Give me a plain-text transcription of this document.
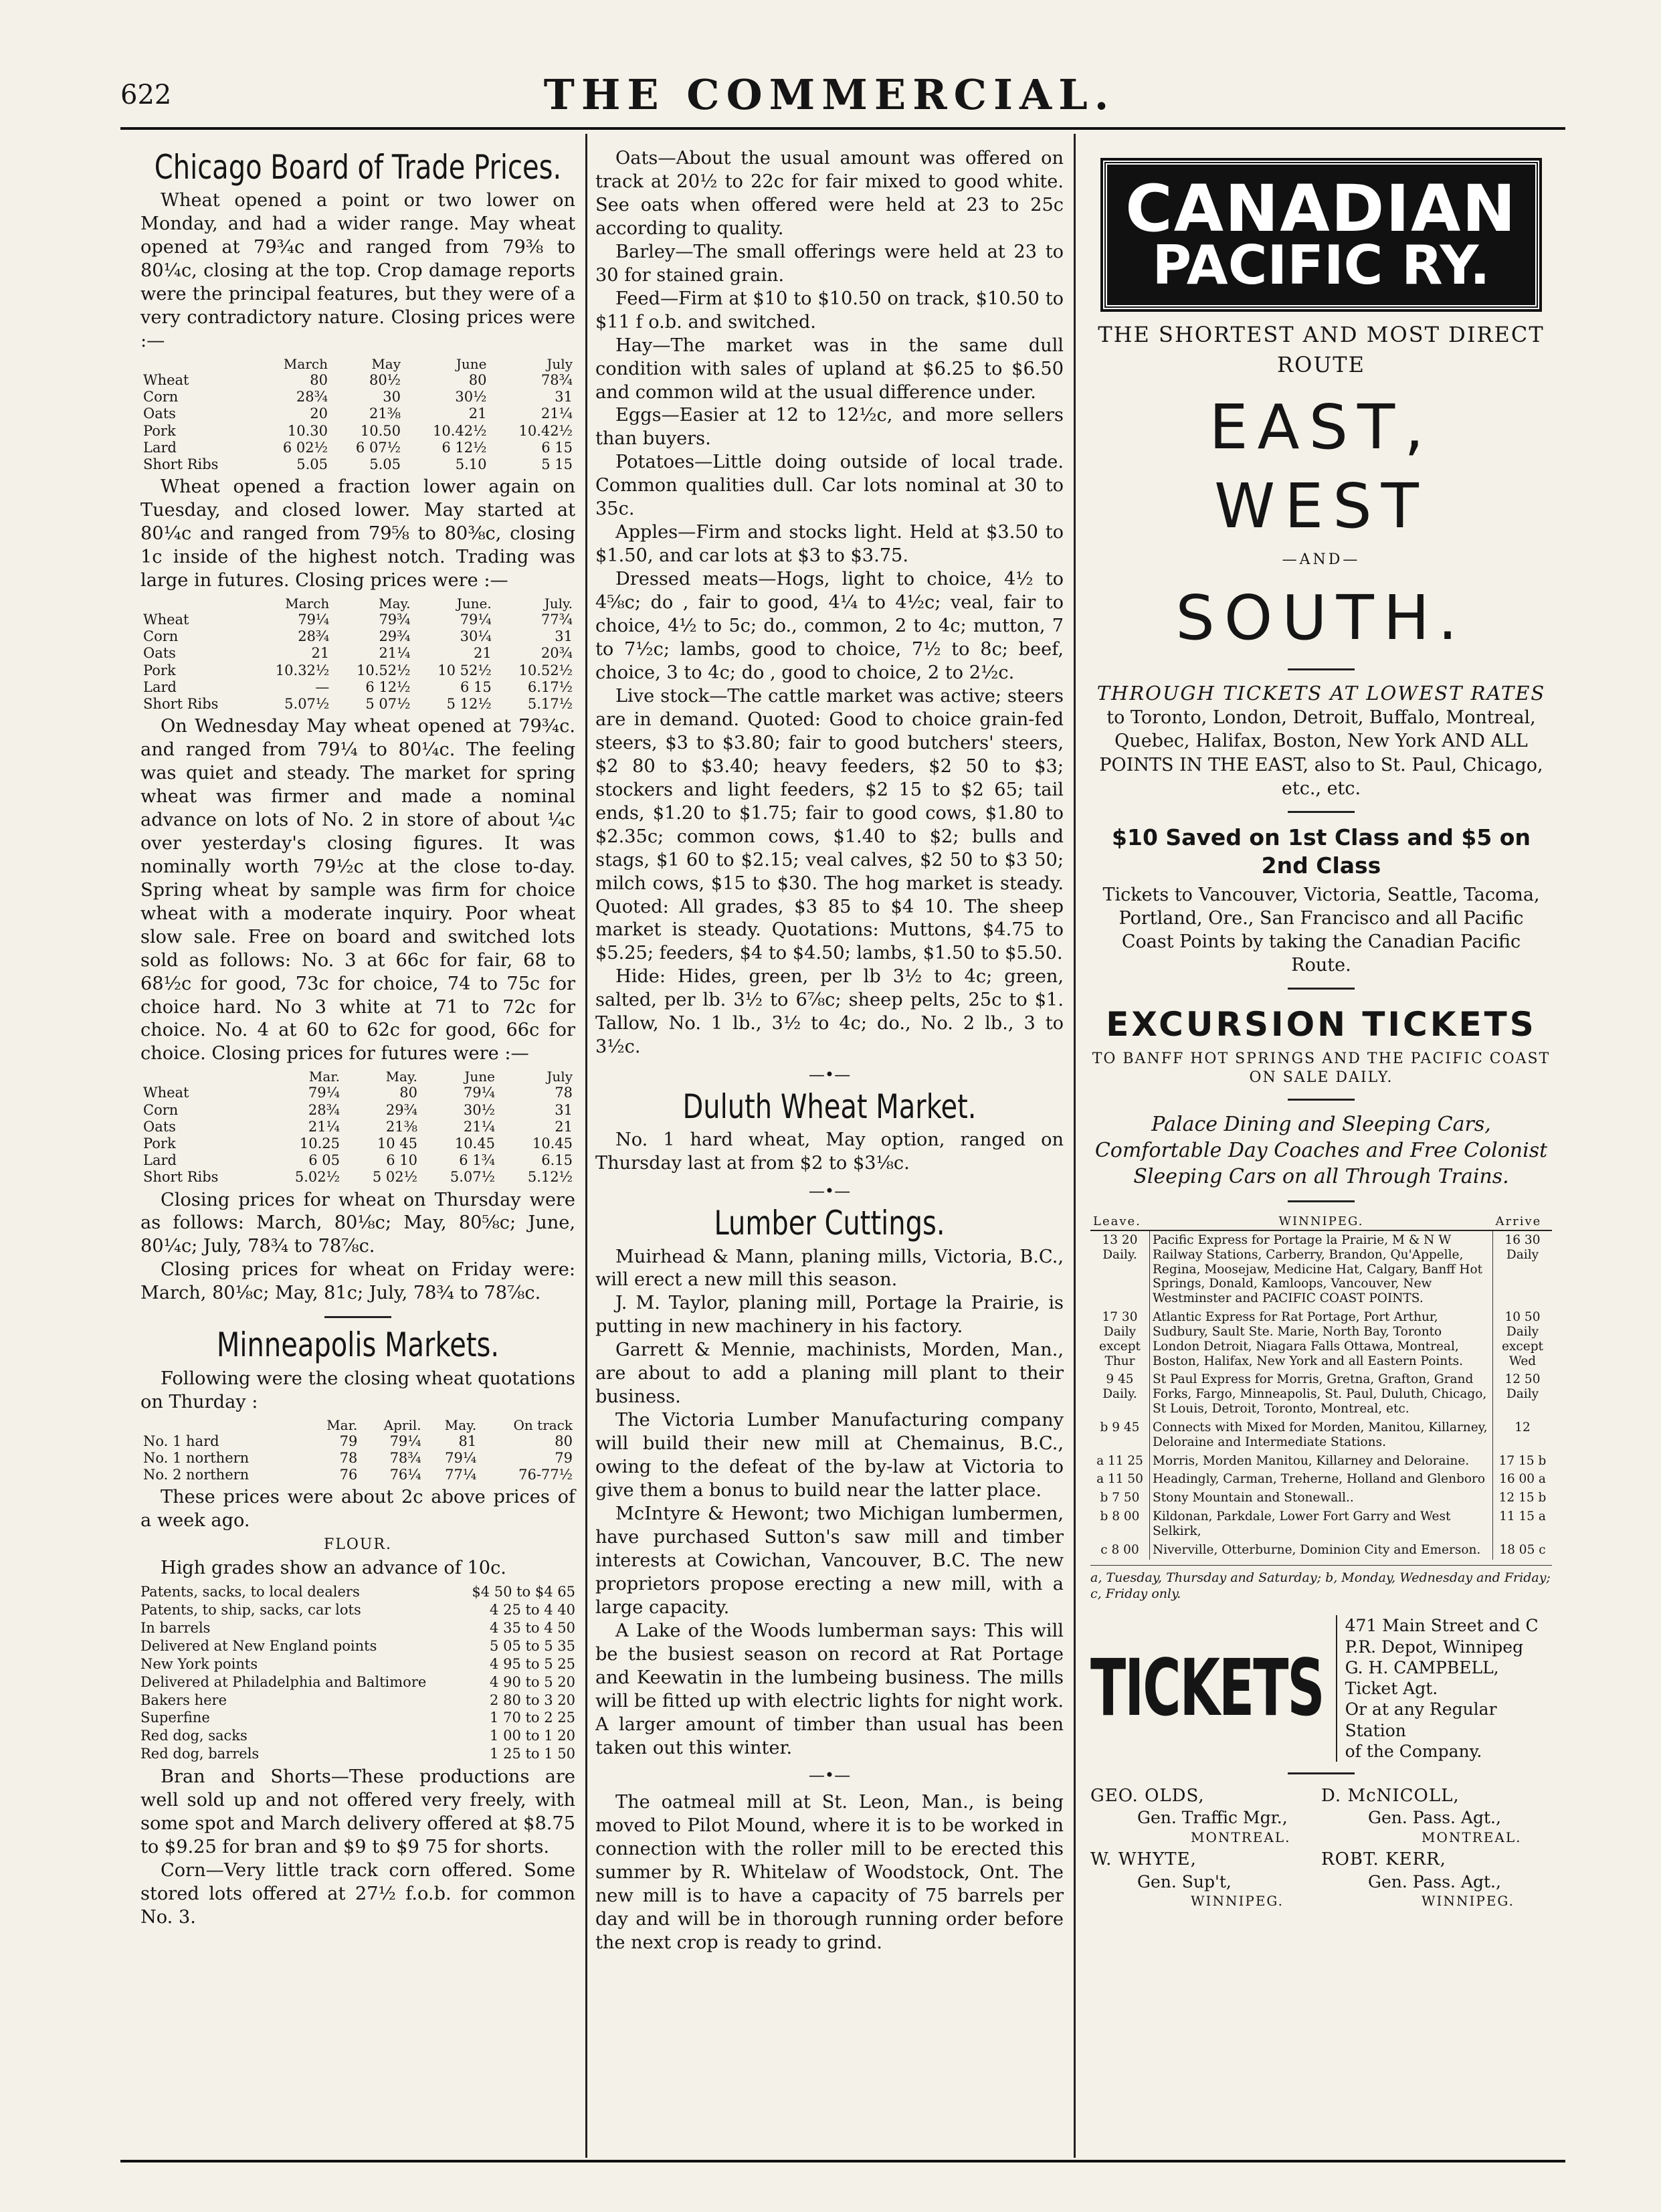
622	THE COMMERCIAL.
Chicago Board of Trade Prices.

Wheat opened a point or two lower on Monday, and had a wider range. May wheat opened at 79¾c and ranged from 79⅜ to 80¼c, closing at the top. Crop damage reports were the principal features, but they were of a very contradictory nature. Closing prices were :—

	March	May	June	July
Wheat	80	80½	80	78¾
Corn	28¾	30	30½	31
Oats	20	21⅜	21	21¼
Pork	10.30	10.50	10.42½	10.42½
Lard	6 02½	6 07½	6 12½	6 15
Short Ribs	5.05	5.05	5.10	5 15

Wheat opened a fraction lower again on Tuesday, and closed lower. May started at 80¼c and ranged from 79⅝ to 80⅜c, closing 1c inside of the highest notch. Trading was large in futures. Closing prices were :—

	March	May.	June.	July.
Wheat	79¼	79¾	79¼	77¾
Corn	28¾	29¾	30¼	31
Oats	21	21¼	21	20¾
Pork	10.32½	10.52½	10 52½	10.52½
Lard	—	6 12½	6 15	6.17½
Short Ribs	5.07½	5 07½	5 12½	5.17½

On Wednesday May wheat opened at 79¾c. and ranged from 79¼ to 80¼c. The feeling was quiet and steady. The market for spring wheat was firmer and made a nominal advance on lots of No. 2 in store of about ¼c over yesterday's closing figures. It was nominally worth 79½c at the close to-day. Spring wheat by sample was firm for choice wheat with a moderate inquiry. Poor wheat slow sale. Free on board and switched lots sold as follows: No. 3 at 66c for fair, 68 to 68½c for good, 73c for choice, 74 to 75c for choice hard. No 3 white at 71 to 72c for choice. No. 4 at 60 to 62c for good, 66c for choice. Closing prices for futures were :—

	Mar.	May.	June	July
Wheat	79¼	80	79¼	78
Corn	28¾	29¾	30½	31
Oats	21¼	21⅜	21¼	21
Pork	10.25	10 45	10.45	10.45
Lard	6 05	6 10	6 1¾	6.15
Short Ribs	5.02½	5 02½	5.07½	5.12½

Closing prices for wheat on Thursday were as follows: March, 80⅛c; May, 80⅝c; June, 80¼c; July, 78¾ to 78⅞c.

Closing prices for wheat on Friday were: March, 80⅛c; May, 81c; July, 78¾ to 78⅞c.

Minneapolis Markets.

Following were the closing wheat quotations on Thurday :

	Mar.	April.	May.	On track
No. 1 hard	79	79¼	81	80
No. 1 northern	78	78¾	79¼	79
No. 2 northern	76	76¼	77¼	76-77½

These prices were about 2c above prices of a week ago.

FLOUR.

High grades show an advance of 10c.

Patents, sacks, to local dealers	$4 50 to $4 65
Patents, to ship, sacks, car lots	4 25 to 4 40
In barrels	4 35 to 4 50
Delivered at New England points	5 05 to 5 35
New York points	4 95 to 5 25
Delivered at Philadelphia and Baltimore	4 90 to 5 20
Bakers here	2 80 to 3 20
Superfine	1 70 to 2 25
Red dog, sacks	1 00 to 1 20
Red dog, barrels	1 25 to 1 50

Bran and Shorts—These productions are well sold up and not offered very freely, with some spot and March delivery offered at $8.75 to $9.25 for bran and $9 to $9 75 for shorts.

Corn—Very little track corn offered. Some stored lots offered at 27½ f.o.b. for common No. 3.

Oats—About the usual amount was offered on track at 20½ to 22c for fair mixed to good white. See oats when offered were held at 23 to 25c according to quality.

Barley—The small offerings were held at 23 to 30 for stained grain.

Feed—Firm at $10 to $10.50 on track, $10.50 to $11 f o.b. and switched.

Hay—The market was in the same dull condition with sales of upland at $6.25 to $6.50 and common wild at the usual difference under.

Eggs—Easier at 12 to 12½c, and more sellers than buyers.

Potatoes—Little doing outside of local trade. Common qualities dull. Car lots nominal at 30 to 35c.

Apples—Firm and stocks light. Held at $3.50 to $1.50, and car lots at $3 to $3.75.

Dressed meats—Hogs, light to choice, 4½ to 4⅝c; do , fair to good, 4¼ to 4½c; veal, fair to choice, 4½ to 5c; do., common, 2 to 4c; mutton, 7 to 7½c; lambs, good to choice, 7½ to 8c; beef, choice, 3 to 4c; do , good to choice, 2 to 2½c.

Live stock—The cattle market was active; steers are in demand. Quoted: Good to choice grain-fed steers, $3 to $3.80; fair to good butchers' steers, $2 80 to $3.40; heavy feeders, $2 50 to $3; stockers and light feeders, $2 15 to $2 65; tail ends, $1.20 to $1.75; fair to good cows, $1.80 to $2.35c; common cows, $1.40 to $2; bulls and stags, $1 60 to $2.15; veal calves, $2 50 to $3 50; milch cows, $15 to $30. The hog market is steady. Quoted: All grades, $3 85 to $4 10. The sheep market is steady. Quotations: Muttons, $4.75 to $5.25; feeders, $4 to $4.50; lambs, $1.50 to $5.50.

Hide: Hides, green, per lb 3½ to 4c; green, salted, per lb. 3½ to 6⅞c; sheep pelts, 25c to $1. Tallow, No. 1 lb., 3½ to 4c; do., No. 2 lb., 3 to 3½c.

—•—
Duluth Wheat Market.

No. 1 hard wheat, May option, ranged on Thursday last at from $2 to $3⅛c.

—•—
Lumber Cuttings.

Muirhead & Mann, planing mills, Victoria, B.C., will erect a new mill this season.

J. M. Taylor, planing mill, Portage la Prairie, is putting in new machinery in his factory.

Garrett & Mennie, machinists, Morden, Man., are about to add a planing mill plant to their business.

The Victoria Lumber Manufacturing company will build their new mill at Chemainus, B.C., owing to the defeat of the by-law at Victoria to give them a bonus to build near the latter place.

McIntyre & Hewont; two Michigan lumbermen, have purchased Sutton's saw mill and timber interests at Cowichan, Vancouver, B.C. The new proprietors propose erecting a new mill, with a large capacity.

A Lake of the Woods lumberman says: This will be the busiest season on record at Rat Portage and Keewatin in the lumbeing business. The mills will be fitted up with electric lights for night work. A larger amount of timber than usual has been taken out this winter.

—•—

The oatmeal mill at St. Leon, Man., is being moved to Pilot Mound, where it is to be worked in connection with the roller mill to be erected this summer by R. Whitelaw of Woodstock, Ont. The new mill is to have a capacity of 75 barrels per day and will be in thorough running order before the next crop is ready to grind.

CANADIAN
PACIFIC RY.
THE SHORTEST AND MOST DIRECT
ROUTE
EAST, WEST
—AND—
SOUTH.
THROUGH TICKETS AT LOWEST RATES
to Toronto, London, Detroit, Buffalo, Montreal, Quebec, Halifax, Boston, New York AND ALL POINTS IN THE EAST, also to St. Paul, Chicago, etc., etc.
$10 Saved on 1st Class and $5 on 2nd Class
Tickets to Vancouver, Victoria, Seattle, Tacoma, Portland, Ore., San Francisco and all Pacific Coast Points by taking the Canadian Pacific Route.
EXCURSION TICKETS
TO BANFF HOT SPRINGS AND THE PACIFIC COAST ON SALE DAILY.
Palace Dining and Sleeping Cars, Comfortable Day Coaches and Free Colonist Sleeping Cars on all Through Trains.
Leave.	WINNIPEG.	Arrive
13 20 Daily.	Pacific Express for Portage la Prairie, M & N W Railway Stations, Carberry, Brandon, Qu'Appelle, Regina, Moosejaw, Medicine Hat, Calgary, Banff Hot Springs, Donald, Kamloops, Vancouver, New Westminster and PACIFIC COAST POINTS.	16 30 Daily
17 30 Daily except Thur	Atlantic Express for Rat Portage, Port Arthur, Sudbury, Sault Ste. Marie, North Bay, Toronto London Detroit, Niagara Falls Ottawa, Montreal, Boston, Halifax, New York and all Eastern Points.	10 50 Daily except Wed
9 45 Daily.	St Paul Express for Morris, Gretna, Grafton, Grand Forks, Fargo, Minneapolis, St. Paul, Duluth, Chicago, St Louis, Detroit, Toronto, Montreal, etc.	12 50 Daily
b 9 45	Connects with Mixed for Morden, Manitou, Killarney, Deloraine and Intermediate Stations.	12
a 11 25	Morris, Morden Manitou, Killarney and Deloraine.	17 15 b
a 11 50	Headingly, Carman, Treherne, Holland and Glenboro	16 00 a
b 7 50	Stony Mountain and Stonewall..	12 15 b
b 8 00	Kildonan, Parkdale, Lower Fort Garry and West Selkirk,	11 15 a
c 8 00	Niverville, Otterburne, Dominion City and Emerson.	18 05 c
a, Tuesday, Thursday and Saturday; b, Monday, Wednesday and Friday; c, Friday only.
TICKETS
471 Main Street and C P.R. Depot, Winnipeg
G. H. CAMPBELL, Ticket Agt.
Or at any Regular Station
of the Company.
GEO. OLDS,
Gen. Traffic Mgr.,
MONTREAL.
D. McNICOLL,
Gen. Pass. Agt.,
MONTREAL.
W. WHYTE,
Gen. Sup't,
WINNIPEG.
ROBT. KERR,
Gen. Pass. Agt.,
WINNIPEG.
